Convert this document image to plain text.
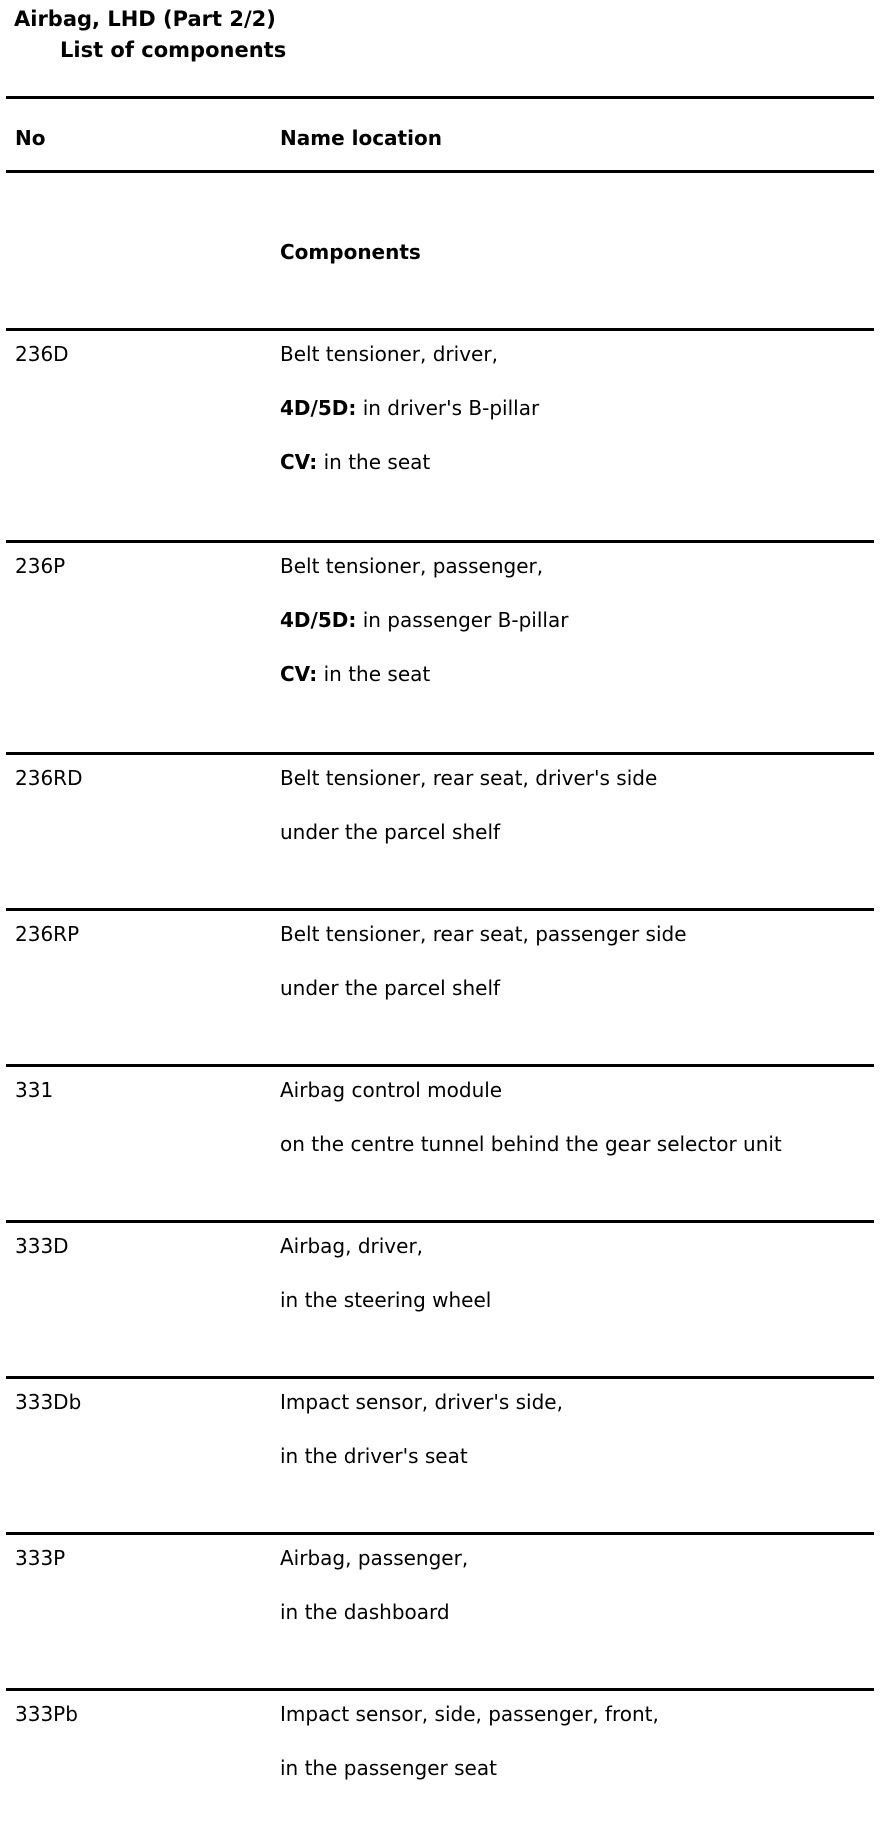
Airbag, LHD (Part 2/2)

List of components

No	Name location
Components
236D	Belt tensioner, driver,
4D/5D: in driver's B-pillar
CV: in the seat
236P	Belt tensioner, passenger,
4D/5D: in passenger B-pillar
CV: in the seat
236RD	Belt tensioner, rear seat, driver's side
under the parcel shelf
236RP	Belt tensioner, rear seat, passenger side
under the parcel shelf
331	Airbag control module
on the centre tunnel behind the gear selector unit
333D	Airbag, driver,
in the steering wheel
333Db	Impact sensor, driver's side,
in the driver's seat
333P	Airbag, passenger,
in the dashboard
333Pb	Impact sensor, side, passenger, front,
in the passenger seat
